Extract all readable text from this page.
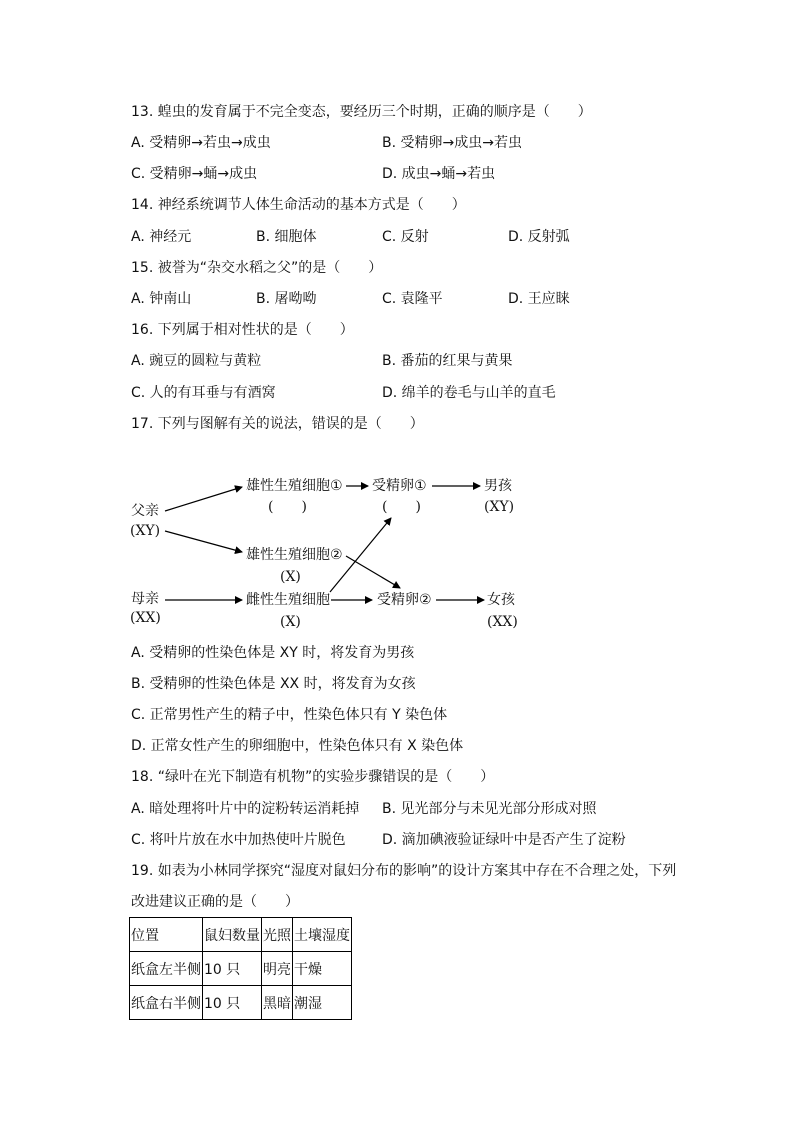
13. 蝗虫的发育属于不完全变态，要经历三个时期，正确的顺序是（　　）
A. 受精卵→若虫→成虫	B. 受精卵→成虫→若虫
C. 受精卵→蛹→成虫	D. 成虫→蛹→若虫
14. 神经系统调节人体生命活动的基本方式是（　　）
A. 神经元	B. 细胞体	C. 反射	D. 反射弧
15. 被誉为“杂交水稻之父”的是（　　）
A. 钟南山	B. 屠呦呦	C. 袁隆平	D. 王应睐
16. 下列属于相对性状的是（　　）
A. 豌豆的圆粒与黄粒	B. 番茄的红果与黄果
C. 人的有耳垂与有酒窝	D. 绵羊的卷毛与山羊的直毛
17. 下列与图解有关的说法，错误的是（　　）
父亲
(XY)
母亲
(XX)
雄性生殖细胞①
(　　)
雄性生殖细胞②
(X)
雌性生殖细胞
(X)
受精卵①
(　　)
受精卵②
男孩
(XY)
女孩
(XX)
A. 受精卵的性染色体是 XY 时，将发育为男孩
B. 受精卵的性染色体是 XX 时，将发育为女孩
C. 正常男性产生的精子中，性染色体只有 Y 染色体
D. 正常女性产生的卵细胞中，性染色体只有 X 染色体
18. “绿叶在光下制造有机物”的实验步骤错误的是（　　）
A. 暗处理将叶片中的淀粉转运消耗掉 B. 见光部分与未见光部分形成对照
C. 将叶片放在水中加热使叶片脱色	D. 滴加碘液验证绿叶中是否产生了淀粉
19. 如表为小林同学探究“湿度对鼠妇分布的影响”的设计方案其中存在不合理之处，下列
改进建议正确的是（　　）
位置	鼠妇数量	光照	土壤湿度
纸盒左半侧	10 只	明亮	干燥
纸盒右半侧	10 只	黑暗	潮湿
